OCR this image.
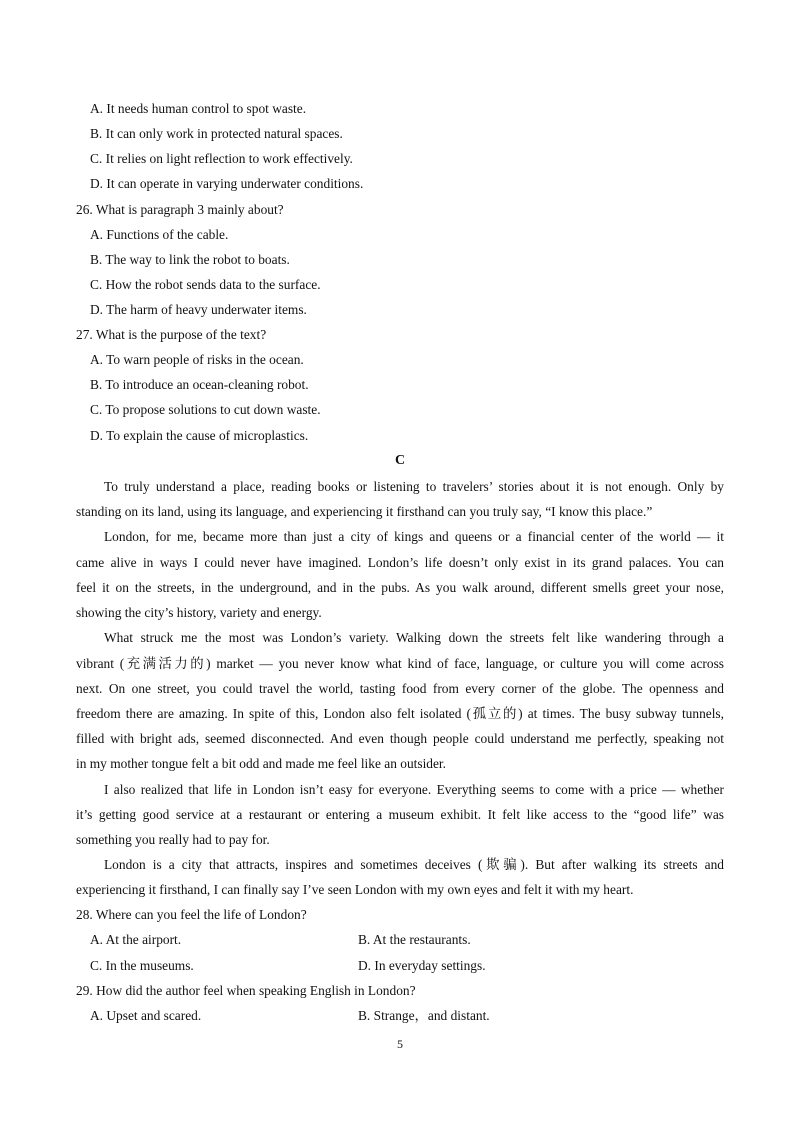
A. It needs human control to spot waste.
B. It can only work in protected natural spaces.
C. It relies on light reflection to work effectively.
D. It can operate in varying underwater conditions.
26. What is paragraph 3 mainly about?
A. Functions of the cable.
B. The way to link the robot to boats.
C. How the robot sends data to the surface.
D. The harm of heavy underwater items.
27. What is the purpose of the text?
A. To warn people of risks in the ocean.
B. To introduce an ocean-cleaning robot.
C. To propose solutions to cut down waste.
D. To explain the cause of microplastics.
C
To truly understand a place, reading books or listening to travelers’ stories about it is not enough. Only by
standing on its land, using its language, and experiencing it firsthand can you truly say, “I know this place.”
London, for me, became more than just a city of kings and queens or a financial center of the world — it
came alive in ways I could never have imagined. London’s life doesn’t only exist in its grand palaces. You can
feel it on the streets, in the underground, and in the pubs. As you walk around, different smells greet your nose,
showing the city’s history, variety and energy.
What struck me the most was London’s variety. Walking down the streets felt like wandering through a
vibrant (充满活力的) market — you never know what kind of face, language, or culture you will come across
next. On one street, you could travel the world, tasting food from every corner of the globe. The openness and
freedom there are amazing. In spite of this, London also felt isolated (孤立的) at times. The busy subway tunnels,
filled with bright ads, seemed disconnected. And even though people could understand me perfectly, speaking not
in my mother tongue felt a bit odd and made me feel like an outsider.
I also realized that life in London isn’t easy for everyone. Everything seems to come with a price — whether
it’s getting good service at a restaurant or entering a museum exhibit. It felt like access to the “good life” was
something you really had to pay for.
London is a city that attracts, inspires and sometimes deceives (欺骗). But after walking its streets and
experiencing it firsthand, I can finally say I’ve seen London with my own eyes and felt it with my heart.
28. Where can you feel the life of London?
A. At the airport.	B. At the restaurants.
C. In the museums.	D. In everyday settings.
29. How did the author feel when speaking English in London?
A. Upset and scared.	B. Strange，and distant.
5
